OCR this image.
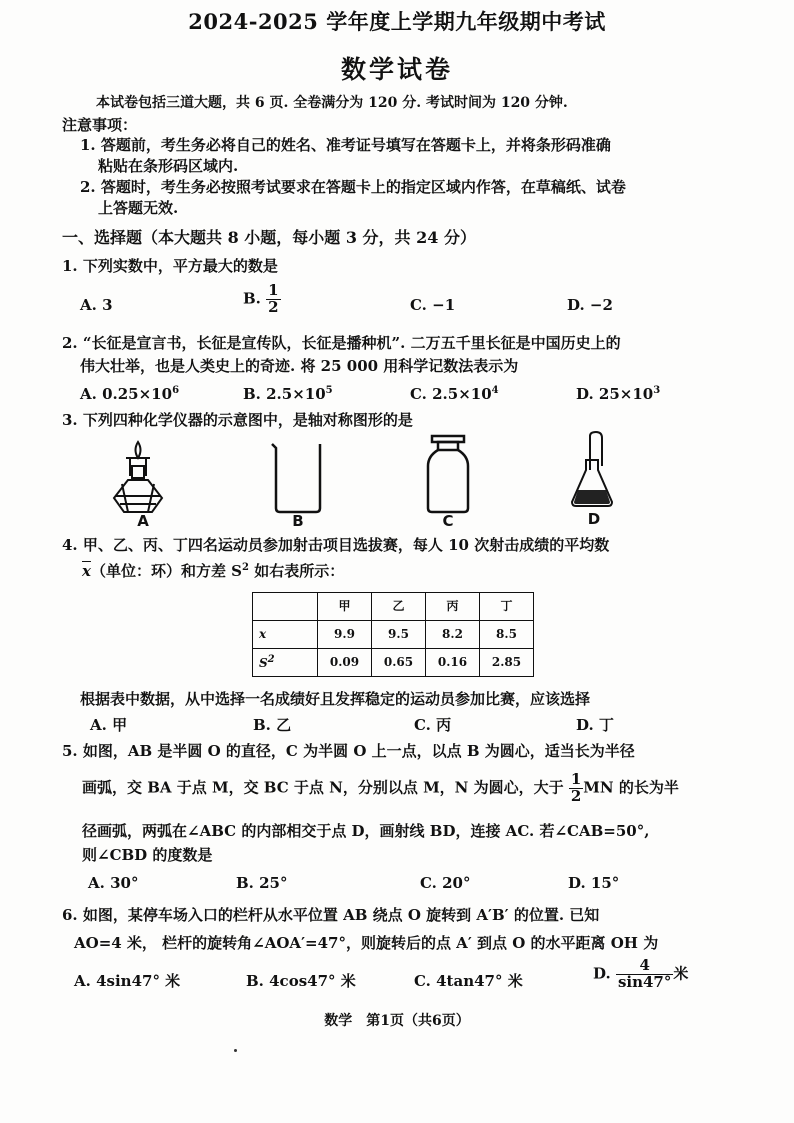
2024-2025 学年度上学期九年级期中考试
数学试卷
本试卷包括三道大题，共 6 页. 全卷满分为 120 分. 考试时间为 120 分钟.
注意事项：
1. 答题前，考生务必将自己的姓名、准考证号填写在答题卡上，并将条形码准确
粘贴在条形码区域内.
2. 答题时，考生务必按照考试要求在答题卡上的指定区域内作答，在草稿纸、试卷
上答题无效.
一、选择题（本大题共 8 小题，每小题 3 分，共 24 分）
1. 下列实数中，平方最大的数是
A. 3	B. $\frac{1}{2}$	C. −1	D. −2
2. “长征是宣言书，长征是宣传队，长征是播种机”. 二万五千里长征是中国历史上的
伟大壮举，也是人类史上的奇迹. 将 25 000 用科学记数法表示为
A. $0.25\times 10^6$	B. $2.5\times 10^5$	C. $2.5\times 10^4$	D. $25\times 10^3$
3. 下列四种化学仪器的示意图中，是轴对称图形的是
A	B	C	D
4. 甲、乙、丙、丁四名运动员参加射击项目选拔赛，每人 10 次射击成绩的平均数
$\overline{x}$（单位：环）和方差 $S^2$ 如右表所示：
	甲	乙	丙	丁
x	9.9	9.5	8.2	8.5
$S^2$	0.09	0.65	0.16	2.85
根据表中数据，从中选择一名成绩好且发挥稳定的运动员参加比赛，应该选择
A. 甲	B. 乙	C. 丙	D. 丁
5. 如图，AB 是半圆 O 的直径，C 为半圆 O 上一点，以点 B 为圆心，适当长为半径
画弧，交 BA 于点 M，交 BC 于点 N，分别以点 M，N 为圆心，大于 $\frac{1}{2}$ MN 的长为半
径画弧，两弧在∠ABC 的内部相交于点 D，画射线 BD，连接 AC. 若∠CAB=50°,
则∠CBD 的度数是
A. 30°	B. 25°	C. 20°	D. 15°
6. 如图，某停车场入口的栏杆从水平位置 AB 绕点 O 旋转到 A′B′ 的位置. 已知
AO=4 米， 栏杆的旋转角∠AOA′=47°，则旋转后的点 A′ 到点 O 的水平距离 OH 为
A. 4sin47° 米	B. 4cos47° 米	C. 4tan47° 米	D. $\frac{4}{\sin 47^\circ}$ 米
数学　第1页（共6页）
